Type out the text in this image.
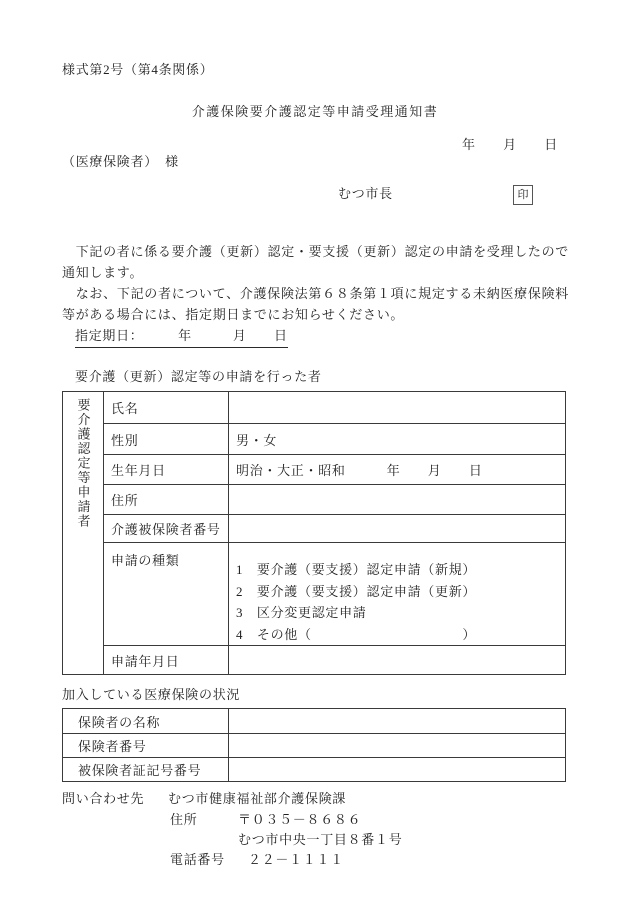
様式第2号（第4条関係）
介護保険要介護認定等申請受理通知書
年　　月　　日
（医療保険者）　様
むつ市長	印

　下記の者に係る要介護（更新）認定・要支援（更新）認定の申請を受理したので通知します。

　なお、下記の者について、介護保険法第６８条第１項に規定する未納医療保険料等がある場合には、指定期日までにお知らせください。

指定期日：　　　年　　　月　　日
要介護（更新）認定等の申請を行った者
要介護認定等申請者	氏名	
	性別	男・女
	生年月日	明治・大正・昭和　　　年　　月　　日
	住所	
	介護被保険者番号	
	申請の種類	1　要介護（要支援）認定申請（新規）
2　要介護（要支援）認定申請（更新）
3　区分変更認定申請
4　その他（　　　　　　　　　　　）

	申請年月日	
加入している医療保険の状況
保険者の名称	
保険者番号	
被保険者証記号番号	
問い合わせ先 むつ市健康福祉部介護保険課
住所	〒０３５－８６８６
むつ市中央一丁目８番１号
電話番号 ２２－１１１１
